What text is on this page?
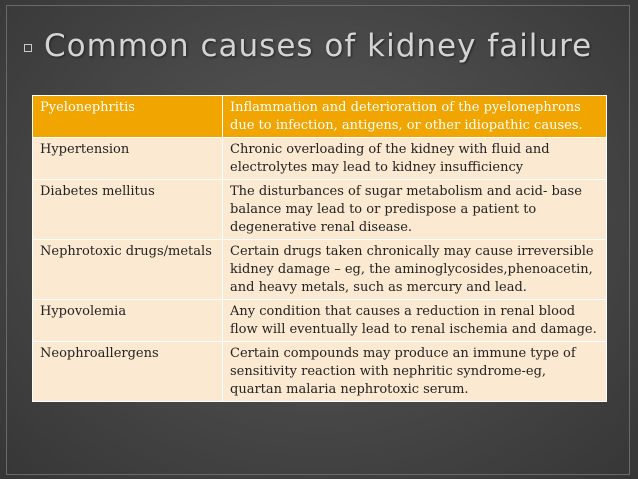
Common causes of kidney failure
Pyelonephritis	Inflammation and deterioration of the pyelonephrons due to infection, antigens, or other idiopathic causes.
Hypertension	Chronic overloading of the kidney with fluid and electrolytes may lead to kidney insufficiency
Diabetes mellitus	The disturbances of sugar metabolism and acid- base balance may lead to or predispose a patient to degenerative renal disease.
Nephrotoxic drugs/metals	Certain drugs taken chronically may cause irreversible kidney damage – eg, the aminoglycosides,phenoacetin, and heavy metals, such as mercury and lead.
Hypovolemia	Any condition that causes a reduction in renal blood flow will eventually lead to renal ischemia and damage.
Neophroallergens	Certain compounds may produce an immune type of sensitivity reaction with nephritic syndrome-eg, quartan malaria nephrotoxic serum.
